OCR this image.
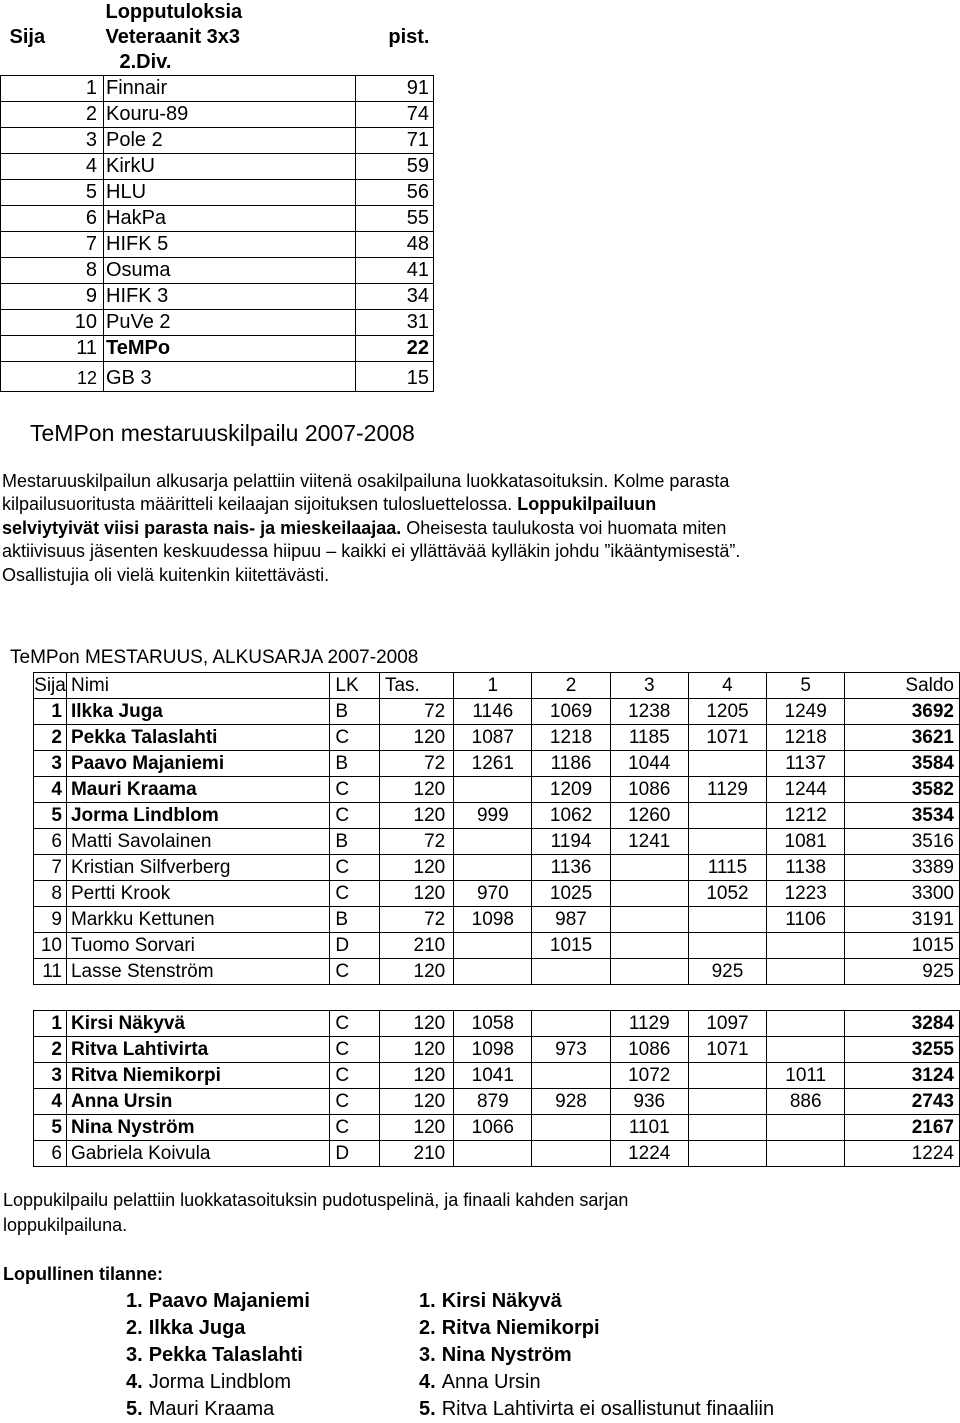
	Lopputuloksia	
Sija	Veteraanit 3x3	pist.
	2.Div.	
1	Finnair	91
2	Kouru-89	74
3	Pole 2	71
4	KirkU	59
5	HLU	56
6	HakPa	55
7	HIFK 5	48
8	Osuma	41
9	HIFK 3	34
10	PuVe 2	31
11	TeMPo	22
12	GB 3	15
TeMPon mestaruuskilpailu 2007-2008
Mestaruuskilpailun alkusarja pelattiin viitenä osakilpailuna luokkatasoituksin. Kolme parasta
kilpailusuoritusta määritteli keilaajan sijoituksen tulosluettelossa. Loppukilpailuun
selviytyivät viisi parasta nais- ja mieskeilaajaa. Oheisesta taulukosta voi huomata miten
aktiivisuus jäsenten keskuudessa hiipuu – kaikki ei yllättävää kylläkin johdu ”ikääntymisestä”.
Osallistujia oli vielä kuitenkin kiitettävästi.
TeMPon MESTARUUS, ALKUSARJA 2007-2008
Sija	Nimi	LK	Tas.	1	2	3	4	5	Saldo
1	Ilkka Juga	B	72	1146	1069	1238	1205	1249	3692
2	Pekka Talaslahti	C	120	1087	1218	1185	1071	1218	3621
3	Paavo Majaniemi	B	72	1261	1186	1044		1137	3584
4	Mauri Kraama	C	120		1209	1086	1129	1244	3582
5	Jorma Lindblom	C	120	999	1062	1260		1212	3534
6	Matti Savolainen	B	72		1194	1241		1081	3516
7	Kristian Silfverberg	C	120		1136		1115	1138	3389
8	Pertti Krook	C	120	970	1025		1052	1223	3300
9	Markku Kettunen	B	72	1098	987			1106	3191
10	Tuomo Sorvari	D	210		1015				1015
11	Lasse Stenström	C	120				925		925

1	Kirsi Näkyvä	C	120	1058		1129	1097		3284
2	Ritva Lahtivirta	C	120	1098	973	1086	1071		3255
3	Ritva Niemikorpi	C	120	1041		1072		1011	3124
4	Anna Ursin	C	120	879	928	936		886	2743
5	Nina Nyström	C	120	1066		1101			2167
6	Gabriela Koivula	D	210			1224			1224
Loppukilpailu pelattiin luokkatasoituksin pudotuspelinä, ja finaali kahden sarjan
loppukilpailuna.
Lopullinen tilanne:
1. Paavo Majaniemi
2. Ilkka Juga
3. Pekka Talaslahti
4. Jorma Lindblom
5. Mauri Kraama
1. Kirsi Näkyvä
2. Ritva Niemikorpi
3. Nina Nyström
4. Anna Ursin
5. Ritva Lahtivirta ei osallistunut finaaliin
